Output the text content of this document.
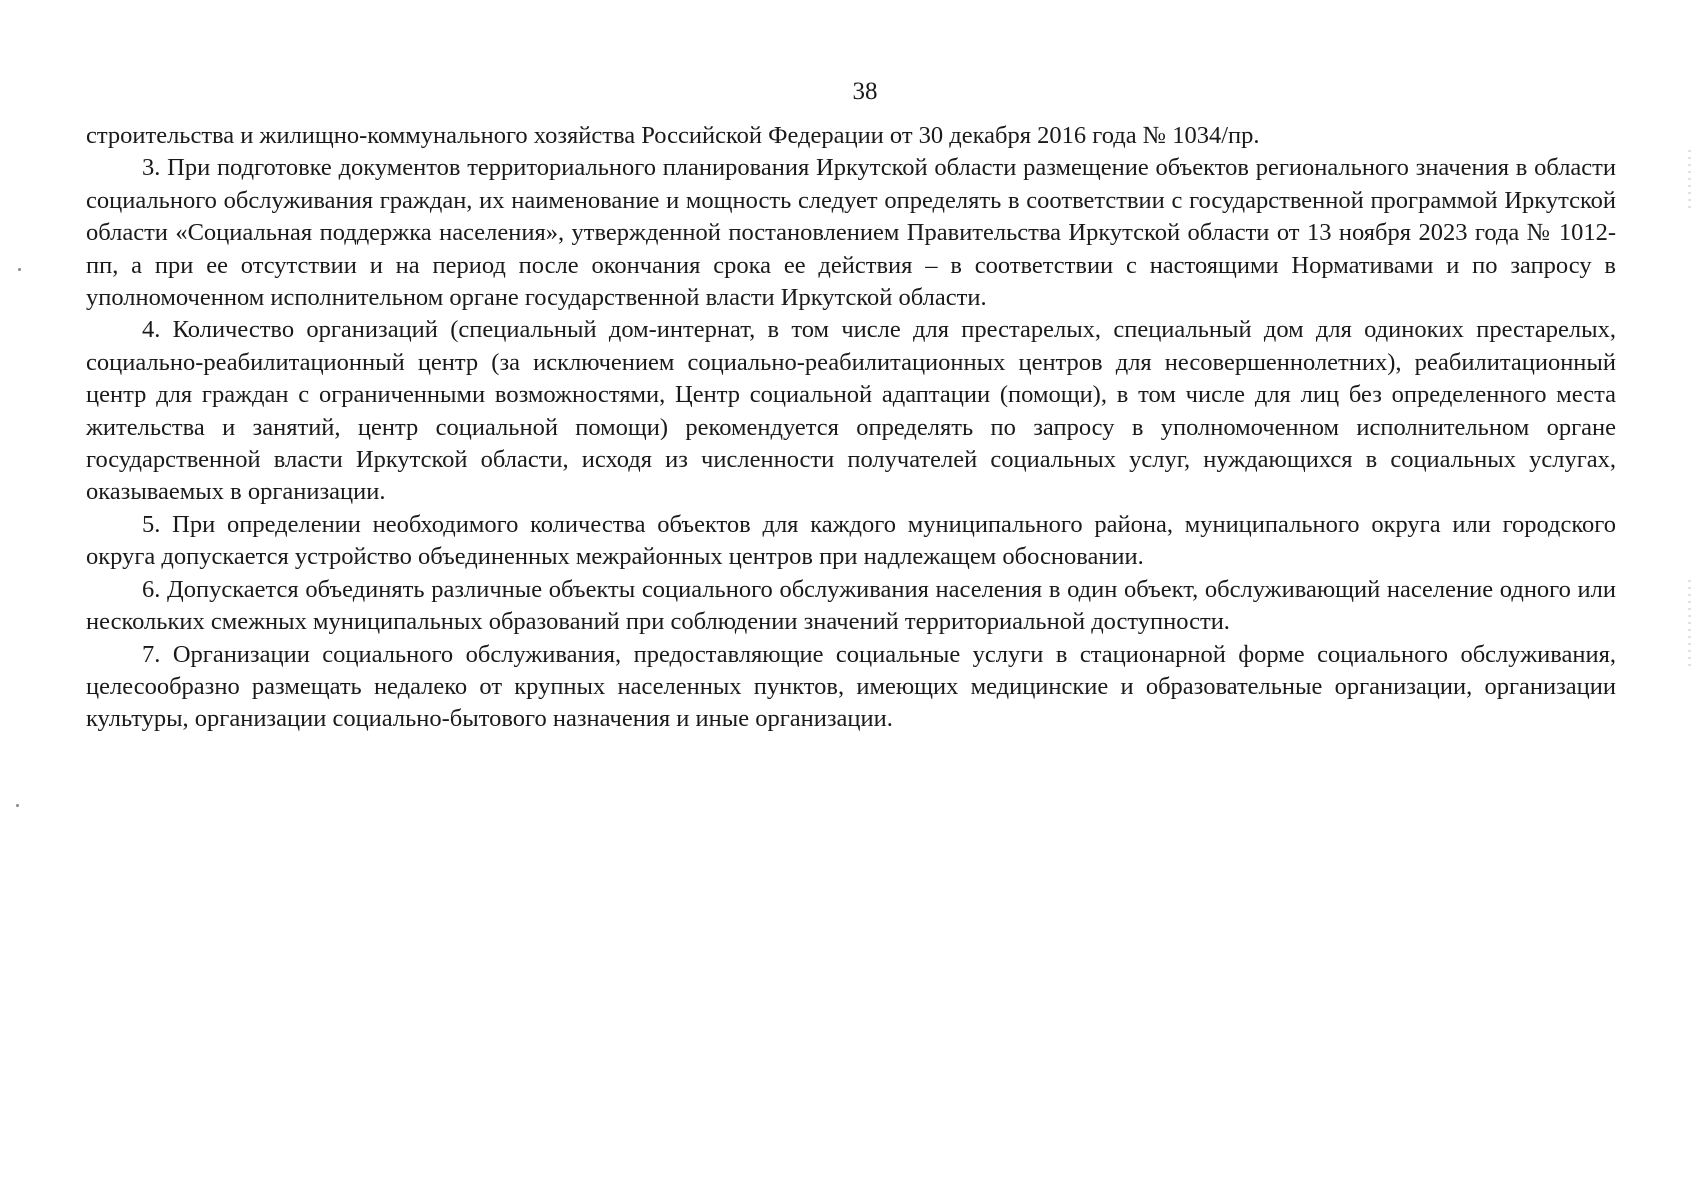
38

строительства и жилищно-коммунального хозяйства Российской Федерации от 30 декабря 2016 года № 1034/пр.

3. При подготовке документов территориального планирования Иркутской области размещение объектов регионального значения в области социального обслуживания граждан, их наименование и мощность следует определять в соответствии с государственной программой Иркутской области «Социальная поддержка населения», утвержденной постановлением Правительства Иркутской области от 13 ноября 2023 года № 1012-пп, а при ее отсутствии и на период после окончания срока ее действия – в соответствии с настоящими Нормативами и по запросу в уполномоченном исполнительном органе государственной власти Иркутской области.

4. Количество организаций (специальный дом-интернат, в том числе для престарелых, специальный дом для одиноких престарелых, социально-реабилитационный центр (за исключением социально-реабилитационных центров для несовершеннолетних), реабилитационный центр для граждан с ограниченными возможностями, Центр социальной адаптации (помощи), в том числе для лиц без определенного места жительства и занятий, центр социальной помощи) рекомендуется определять по запросу в уполномоченном исполнительном органе государственной власти Иркутской области, исходя из численности получателей социальных услуг, нуждающихся в социальных услугах, оказываемых в организации.

5. При определении необходимого количества объектов для каждого муниципального района, муниципального округа или городского округа допускается устройство объединенных межрайонных центров при надлежащем обосновании.

6. Допускается объединять различные объекты социального обслуживания населения в один объект, обслуживающий население одного или нескольких смежных муниципальных образований при соблюдении значений территориальной доступности.

7. Организации социального обслуживания, предоставляющие социальные услуги в стационарной форме социального обслуживания, целесообразно размещать недалеко от крупных населенных пунктов, имеющих медицинские и образовательные организации, организации культуры, организации социально-бытового назначения и иные организации.
